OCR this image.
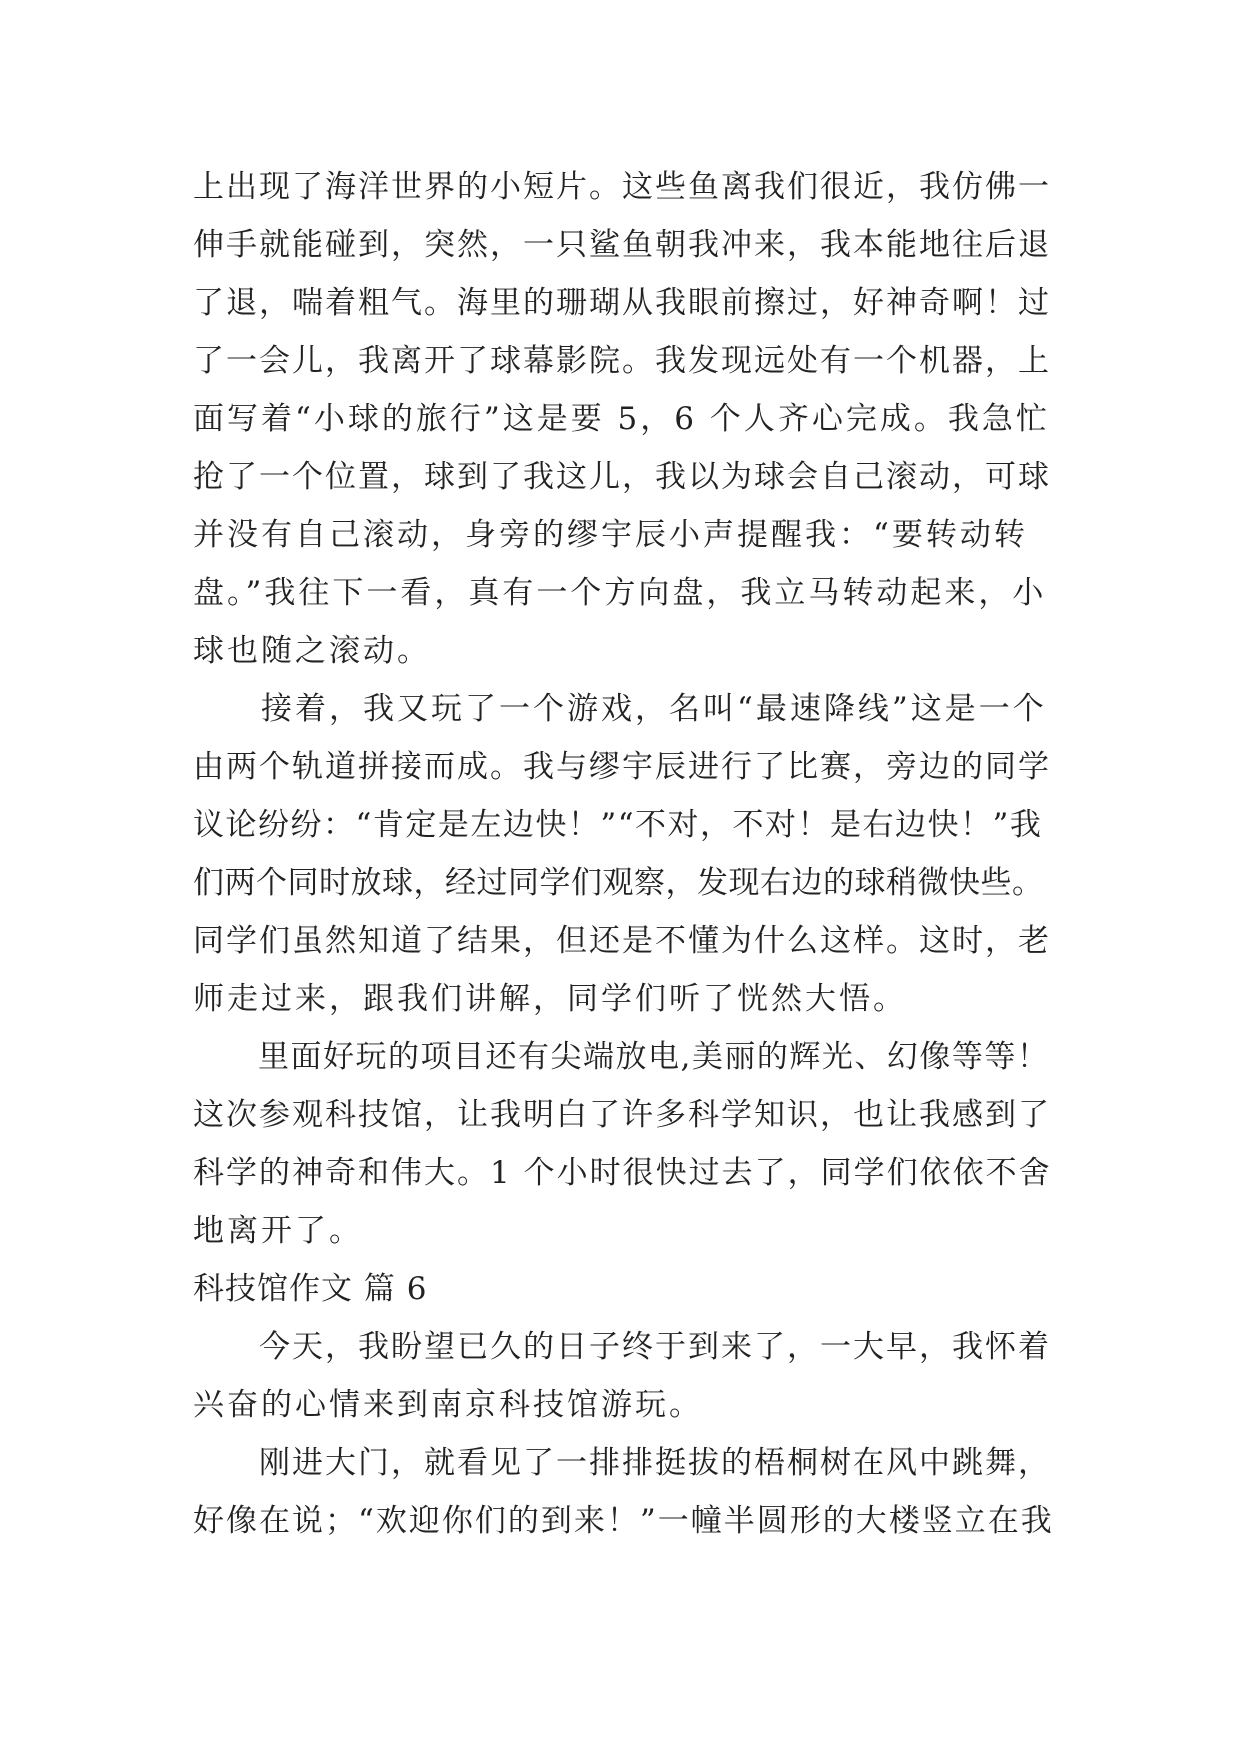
上出现了海洋世界的小短片。这些鱼离我们很近，我仿佛一
伸手就能碰到，突然，一只鲨鱼朝我冲来，我本能地往后退
了退，喘着粗气。海里的珊瑚从我眼前擦过，好神奇啊！过
了一会儿，我离开了球幕影院。我发现远处有一个机器，上
面写着“小球的旅行”这是要 5，6 个人齐心完成。我急忙
抢了一个位置，球到了我这儿，我以为球会自己滚动，可球
并没有自己滚动，身旁的缪宇辰小声提醒我：“要转动转
盘。”我往下一看，真有一个方向盘，我立马转动起来，小
球也随之滚动。
　　接着，我又玩了一个游戏，名叫“最速降线”这是一个
由两个轨道拼接而成。我与缪宇辰进行了比赛，旁边的同学
议论纷纷：“肯定是左边快！”“不对，不对！是右边快！”我
们两个同时放球，经过同学们观察，发现右边的球稍微快些。
同学们虽然知道了结果，但还是不懂为什么这样。这时，老
师走过来，跟我们讲解，同学们听了恍然大悟。
　　里面好玩的项目还有尖端放电,美丽的辉光、幻像等等！
这次参观科技馆，让我明白了许多科学知识，也让我感到了
科学的神奇和伟大。1 个小时很快过去了，同学们依依不舍
地离开了。
科技馆作文 篇 6
　　今天，我盼望已久的日子终于到来了，一大早，我怀着
兴奋的心情来到南京科技馆游玩。
　　刚进大门，就看见了一排排挺拔的梧桐树在风中跳舞，
好像在说；“欢迎你们的到来！”一幢半圆形的大楼竖立在我
